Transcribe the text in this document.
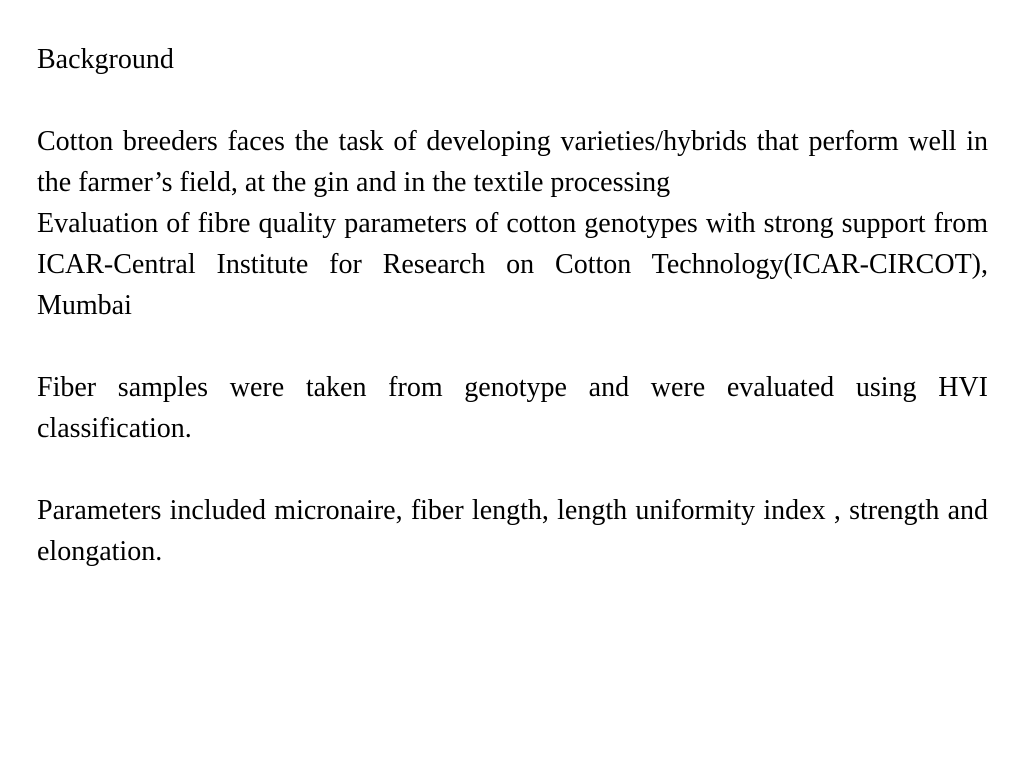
Background

Cotton breeders faces the task of developing varieties/hybrids that perform well in the farmer’s field, at the gin and in the textile processing

Evaluation of fibre quality parameters of cotton genotypes with strong support from ICAR-Central Institute for Research on Cotton Technology(ICAR-CIRCOT), Mumbai

Fiber samples were taken from genotype and were evaluated using HVI classification.

Parameters included micronaire, fiber length, length uniformity index , strength and elongation.
